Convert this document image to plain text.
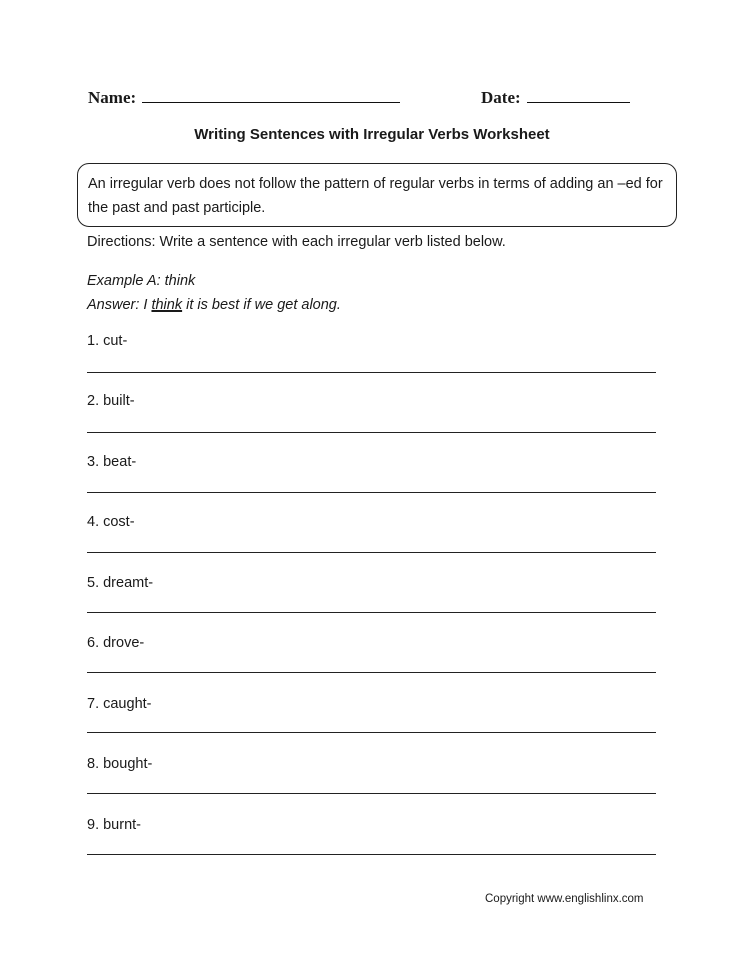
Name:	Date:
Writing Sentences with Irregular Verbs Worksheet
An irregular verb does not follow the pattern of regular verbs in terms of adding an –ed for the past and past participle.
Directions: Write a sentence with each irregular verb listed below.
Example A: think
Answer: I think it is best if we get along.
1. cut-
2. built-
3. beat-
4. cost-
5. dreamt-
6. drove-
7. caught-
8. bought-
9. burnt-
Copyright www.englishlinx.com
